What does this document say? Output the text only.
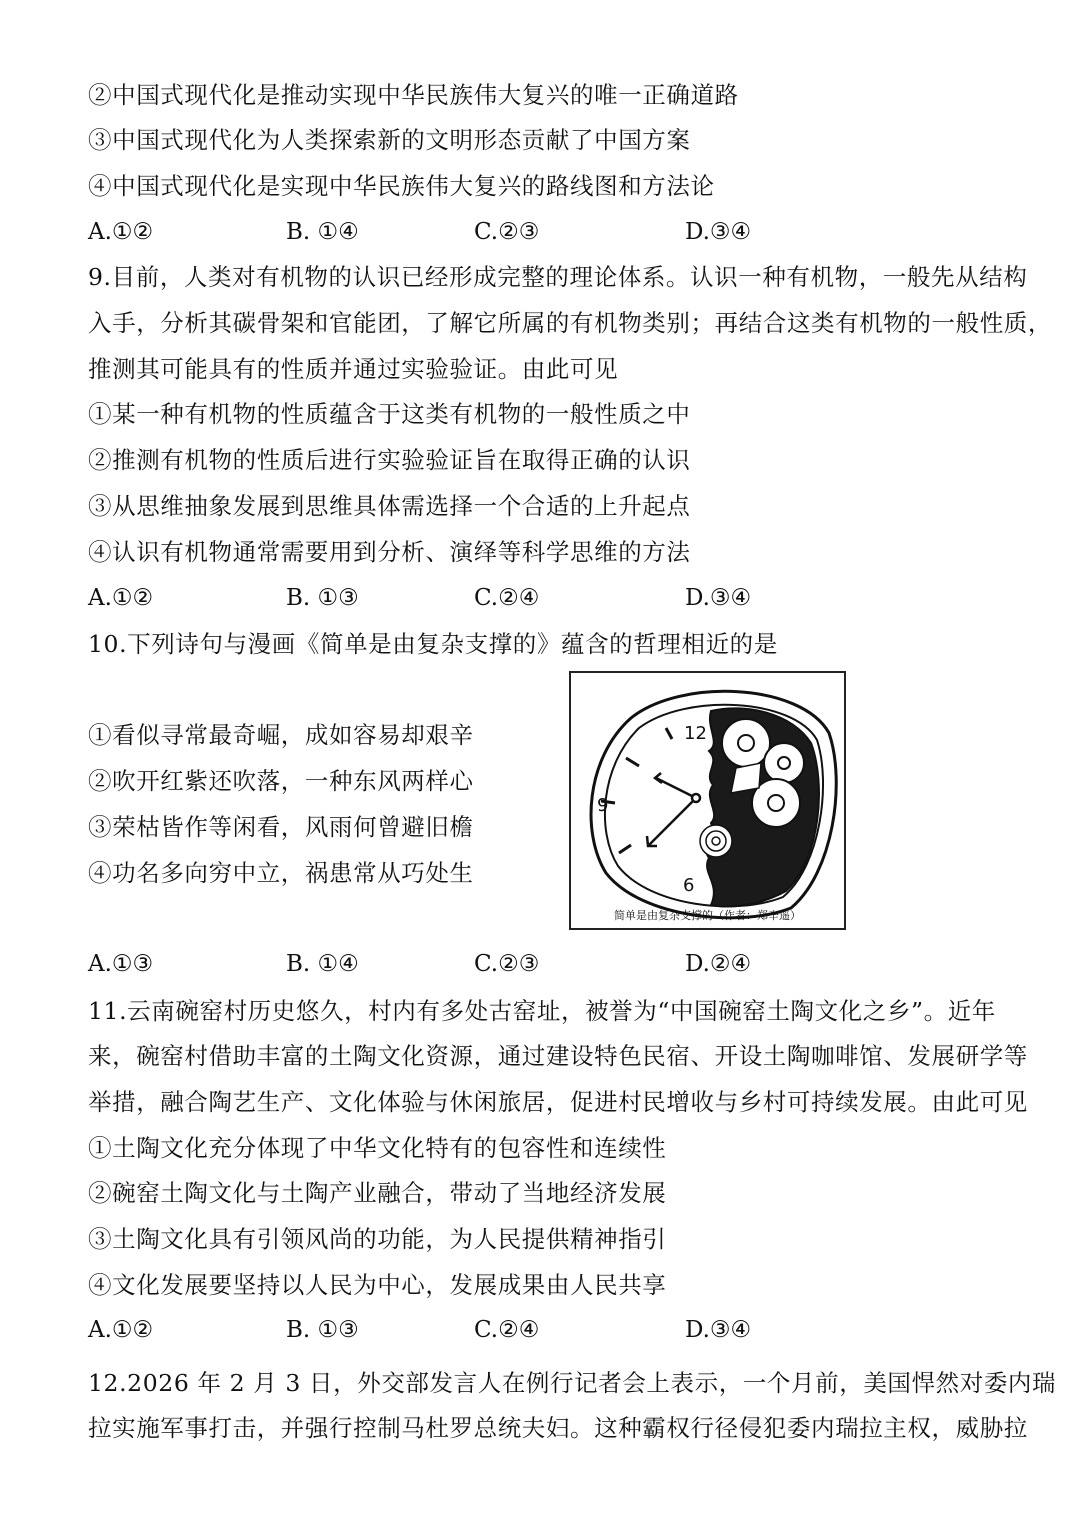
②中国式现代化是推动实现中华民族伟大复兴的唯一正确道路
③中国式现代化为人类探索新的文明形态贡献了中国方案
④中国式现代化是实现中华民族伟大复兴的路线图和方法论
A.①②	B. ①④	C.②③	D.③④
9.目前，人类对有机物的认识已经形成完整的理论体系。认识一种有机物，一般先从结构
入手，分析其碳骨架和官能团，了解它所属的有机物类别；再结合这类有机物的一般性质，
推测其可能具有的性质并通过实验验证。由此可见
①某一种有机物的性质蕴含于这类有机物的一般性质之中
②推测有机物的性质后进行实验验证旨在取得正确的认识
③从思维抽象发展到思维具体需选择一个合适的上升起点
④认识有机物通常需要用到分析、演绎等科学思维的方法
A.①②	B. ①③	C.②④	D.③④
10.下列诗句与漫画《简单是由复杂支撑的》蕴含的哲理相近的是
①看似寻常最奇崛，成如容易却艰辛
②吹开红紫还吹落，一种东风两样心
③荣枯皆作等闲看，风雨何曾避旧檐
④功名多向穷中立，祸患常从巧处生
12
9
6
简单是由复杂支撑的（作者：郑辛遥）
A.①③	B. ①④	C.②③	D.②④
11.云南碗窑村历史悠久，村内有多处古窑址，被誉为“中国碗窑土陶文化之乡”。近年
来，碗窑村借助丰富的土陶文化资源，通过建设特色民宿、开设土陶咖啡馆、发展研学等
举措，融合陶艺生产、文化体验与休闲旅居，促进村民增收与乡村可持续发展。由此可见
①土陶文化充分体现了中华文化特有的包容性和连续性
②碗窑土陶文化与土陶产业融合，带动了当地经济发展
③土陶文化具有引领风尚的功能，为人民提供精神指引
④文化发展要坚持以人民为中心，发展成果由人民共享
A.①②	B. ①③	C.②④	D.③④
12.2026 年 2 月 3 日，外交部发言人在例行记者会上表示，一个月前，美国悍然对委内瑞
拉实施军事打击，并强行控制马杜罗总统夫妇。这种霸权行径侵犯委内瑞拉主权，威胁拉
